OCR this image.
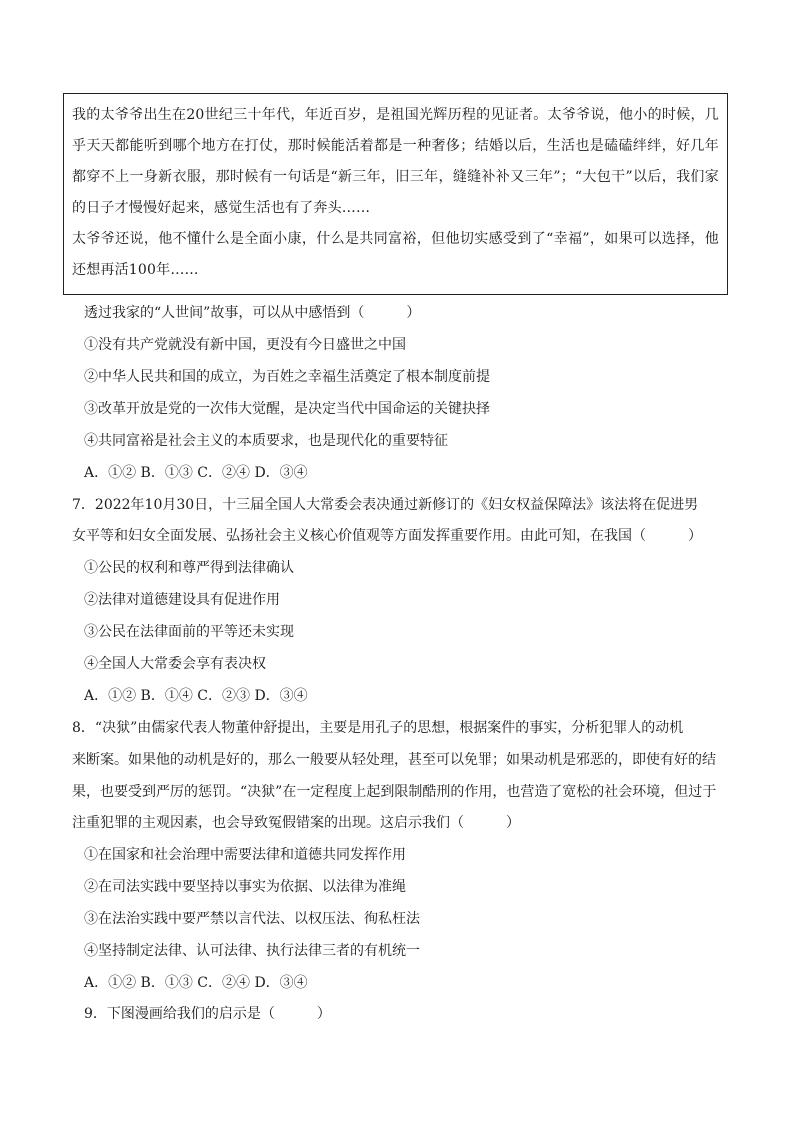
我的太爷爷出生在20世纪三十年代，年近百岁，是祖国光辉历程的见证者。太爷爷说，他小的时候，几乎天天都能听到哪个地方在打仗，那时候能活着都是一种奢侈；结婚以后，生活也是磕磕绊绊，好几年都穿不上一身新衣服，那时候有一句话是“新三年，旧三年，缝缝补补又三年”；“大包干”以后，我们家的日子才慢慢好起来，感觉生活也有了奔头……

太爷爷还说，他不懂什么是全面小康，什么是共同富裕，但他切实感受到了“幸福”，如果可以选择，他还想再活100年……

透过我家的“人世间”故事，可以从中感悟到（　　　）
①没有共产党就没有新中国，更没有今日盛世之中国
②中华人民共和国的成立，为百姓之幸福生活奠定了根本制度前提
③改革开放是党的一次伟大觉醒，是决定当代中国命运的关键抉择
④共同富裕是社会主义的本质要求，也是现代化的重要特征
A．①② B．①③ C．②④ D．③④
7．2022年10月30日，十三届全国人大常委会表决通过新修订的《妇女权益保障法》该法将在促进男
女平等和妇女全面发展、弘扬社会主义核心价值观等方面发挥重要作用。由此可知，在我国（　　　）
①公民的权利和尊严得到法律确认
②法律对道德建设具有促进作用
③公民在法律面前的平等还未实现
④全国人大常委会享有表决权
A．①② B．①④ C．②③ D．③④
8．“决狱”由儒家代表人物董仲舒提出，主要是用孔子的思想，根据案件的事实，分析犯罪人的动机
来断案。如果他的动机是好的，那么一般要从轻处理，甚至可以免罪；如果动机是邪恶的，即使有好的结
果，也要受到严厉的惩罚。“决狱”在一定程度上起到限制酷刑的作用，也营造了宽松的社会环境，但过于
注重犯罪的主观因素，也会导致冤假错案的出现。这启示我们（　　　）
①在国家和社会治理中需要法律和道德共同发挥作用
②在司法实践中要坚持以事实为依据、以法律为准绳
③在法治实践中要严禁以言代法、以权压法、徇私枉法
④坚持制定法律、认可法律、执行法律三者的有机统一
A．①② B．①③ C．②④ D．③④
9．下图漫画给我们的启示是（　　　）
